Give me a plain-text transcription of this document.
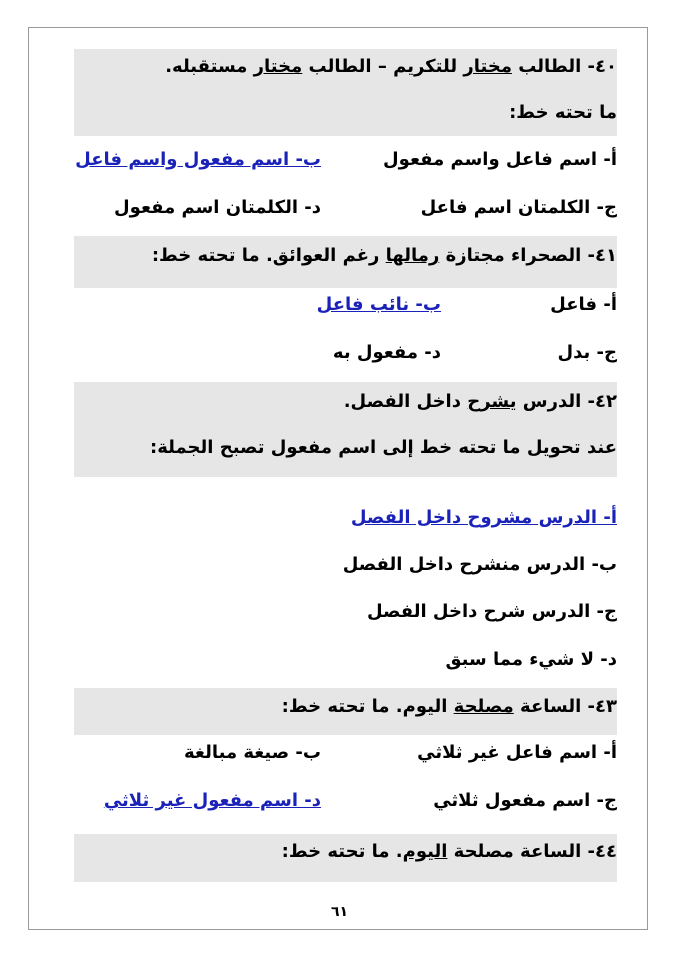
٤٠- الطالب مختار للتكريم – الطالب مختار مستقبله.
ما تحته خط:
أ- اسم فاعل واسم مفعول
ب- اسم مفعول واسم فاعل
ج- الكلمتان اسم فاعل
د- الكلمتان اسم مفعول
٤١- الصحراء مجتازة رمالها رغم العوائق. ما تحته خط:
أ- فاعل
ب- نائب فاعل
ج- بدل
د- مفعول به
٤٢- الدرس يشرح داخل الفصل.
عند تحويل ما تحته خط إلى اسم مفعول تصبح الجملة:
أ- الدرس مشروح داخل الفصل
ب- الدرس منشرح داخل الفصل
ج- الدرس شرح داخل الفصل
د- لا شيء مما سبق
٤٣- الساعة مصلحة اليوم. ما تحته خط:
أ- اسم فاعل غير ثلاثي
ب- صيغة مبالغة
ج- اسم مفعول ثلاثي
د- اسم مفعول غير ثلاثي
٤٤- الساعة مصلحة اليوم. ما تحته خط:
٦١
